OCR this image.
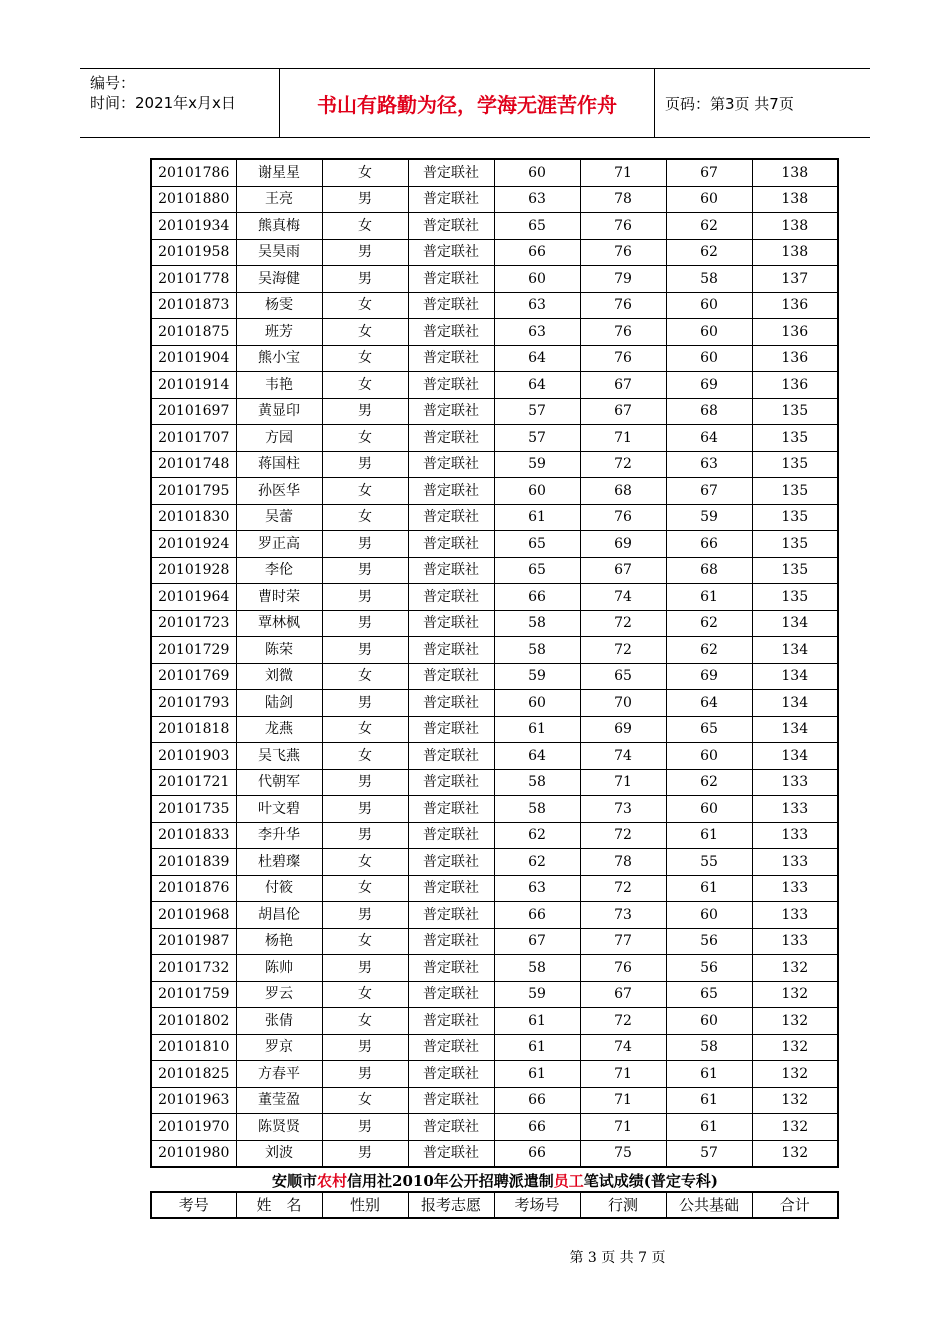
编号：
时间：2021年x月x日	书山有路勤为径，学海无涯苦作舟	页码：第3页 共7页
20101786	谢星星	女	普定联社	60	71	67	138
20101880	王亮	男	普定联社	63	78	60	138
20101934	熊真梅	女	普定联社	65	76	62	138
20101958	吴昊雨	男	普定联社	66	76	62	138
20101778	吴海健	男	普定联社	60	79	58	137
20101873	杨雯	女	普定联社	63	76	60	136
20101875	班芳	女	普定联社	63	76	60	136
20101904	熊小宝	女	普定联社	64	76	60	136
20101914	韦艳	女	普定联社	64	67	69	136
20101697	黄显印	男	普定联社	57	67	68	135
20101707	方园	女	普定联社	57	71	64	135
20101748	蒋国柱	男	普定联社	59	72	63	135
20101795	孙医华	女	普定联社	60	68	67	135
20101830	吴蕾	女	普定联社	61	76	59	135
20101924	罗正高	男	普定联社	65	69	66	135
20101928	李伦	男	普定联社	65	67	68	135
20101964	曹时荣	男	普定联社	66	74	61	135
20101723	覃林枫	男	普定联社	58	72	62	134
20101729	陈荣	男	普定联社	58	72	62	134
20101769	刘微	女	普定联社	59	65	69	134
20101793	陆剑	男	普定联社	60	70	64	134
20101818	龙燕	女	普定联社	61	69	65	134
20101903	吴飞燕	女	普定联社	64	74	60	134
20101721	代朝军	男	普定联社	58	71	62	133
20101735	叶文碧	男	普定联社	58	73	60	133
20101833	李升华	男	普定联社	62	72	61	133
20101839	杜碧璨	女	普定联社	62	78	55	133
20101876	付筱	女	普定联社	63	72	61	133
20101968	胡昌伦	男	普定联社	66	73	60	133
20101987	杨艳	女	普定联社	67	77	56	133
20101732	陈帅	男	普定联社	58	76	56	132
20101759	罗云	女	普定联社	59	67	65	132
20101802	张倩	女	普定联社	61	72	60	132
20101810	罗京	男	普定联社	61	74	58	132
20101825	方春平	男	普定联社	61	71	61	132
20101963	董莹盈	女	普定联社	66	71	61	132
20101970	陈贤贤	男	普定联社	66	71	61	132
20101980	刘波	男	普定联社	66	75	57	132
安顺市农村信用社2010年公开招聘派遣制员工笔试成绩(普定专科)
考号	姓　名	性别	报考志愿	考场号	行测	公共基础	合计
第 3 页 共 7 页
